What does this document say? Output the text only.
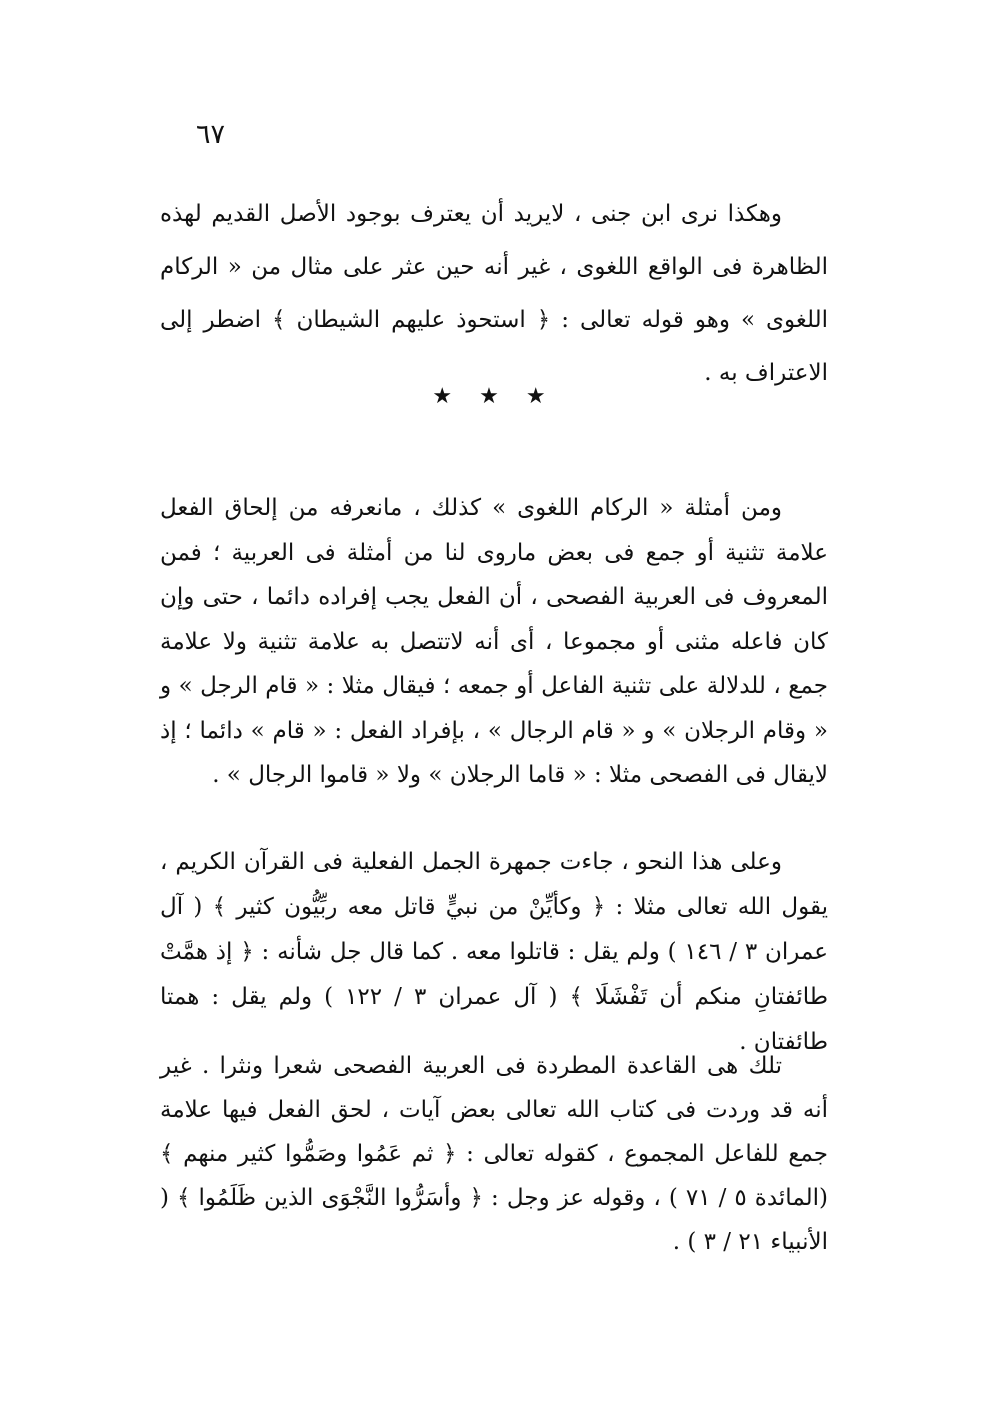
٦٧

وهكذا نرى ابن جنى ، لايريد أن يعترف بوجود الأصل القديم لهذه الظاهرة فى الواقع اللغوى ، غير أنه حين عثر على مثال من « الركام اللغوى » وهو قوله تعالى : ﴿ استحوذ عليهم الشيطان ﴾ اضطر إلى الاعتراف به .

★ ★ ★

ومن أمثلة « الركام اللغوى » كذلك ، مانعرفه من إلحاق الفعل علامة تثنية أو جمع فى بعض ماروى لنا من أمثلة فى العربية ؛ فمن المعروف فى العربية الفصحى ، أن الفعل يجب إفراده دائما ، حتى وإن كان فاعله مثنى أو مجموعا ، أى أنه لاتتصل به علامة تثنية ولا علامة جمع ، للدلالة على تثنية الفاعل أو جمعه ؛ فيقال مثلا : « قام الرجل » و « وقام الرجلان » و « قام الرجال » ، بإفراد الفعل : « قام » دائما ؛ إذ لايقال فى الفصحى مثلا : « قاما الرجلان » ولا « قاموا الرجال » .

وعلى هذا النحو ، جاءت جمهرة الجمل الفعلية فى القرآن الكريم ، يقول الله تعالى مثلا : ﴿ وكأيِّنْ من نبيٍّ قاتل معه ربِّيُّون كثير ﴾ ( آل عمران ٣ / ١٤٦ ) ولم يقل : قاتلوا معه . كما قال جل شأنه : ﴿ إذ همَّتْ طائفتانِ منكم أن تَفْشَلَا ﴾ ( آل عمران ٣ / ١٢٢ ) ولم يقل : همتا طائفتان .

تلك هى القاعدة المطردة فى العربية الفصحى شعرا ونثرا . غير أنه قد وردت فى كتاب الله تعالى بعض آيات ، لحق الفعل فيها علامة جمع للفاعل المجموع ، كقوله تعالى : ﴿ ثم عَمُوا وصَمُّوا كثير منهم ﴾ (المائدة ٥ / ٧١ ) ، وقوله عز وجل : ﴿ وأسَرُّوا النَّجْوَى الذين ظَلَمُوا ﴾ ( الأنبياء ٢١ / ٣ ) .
